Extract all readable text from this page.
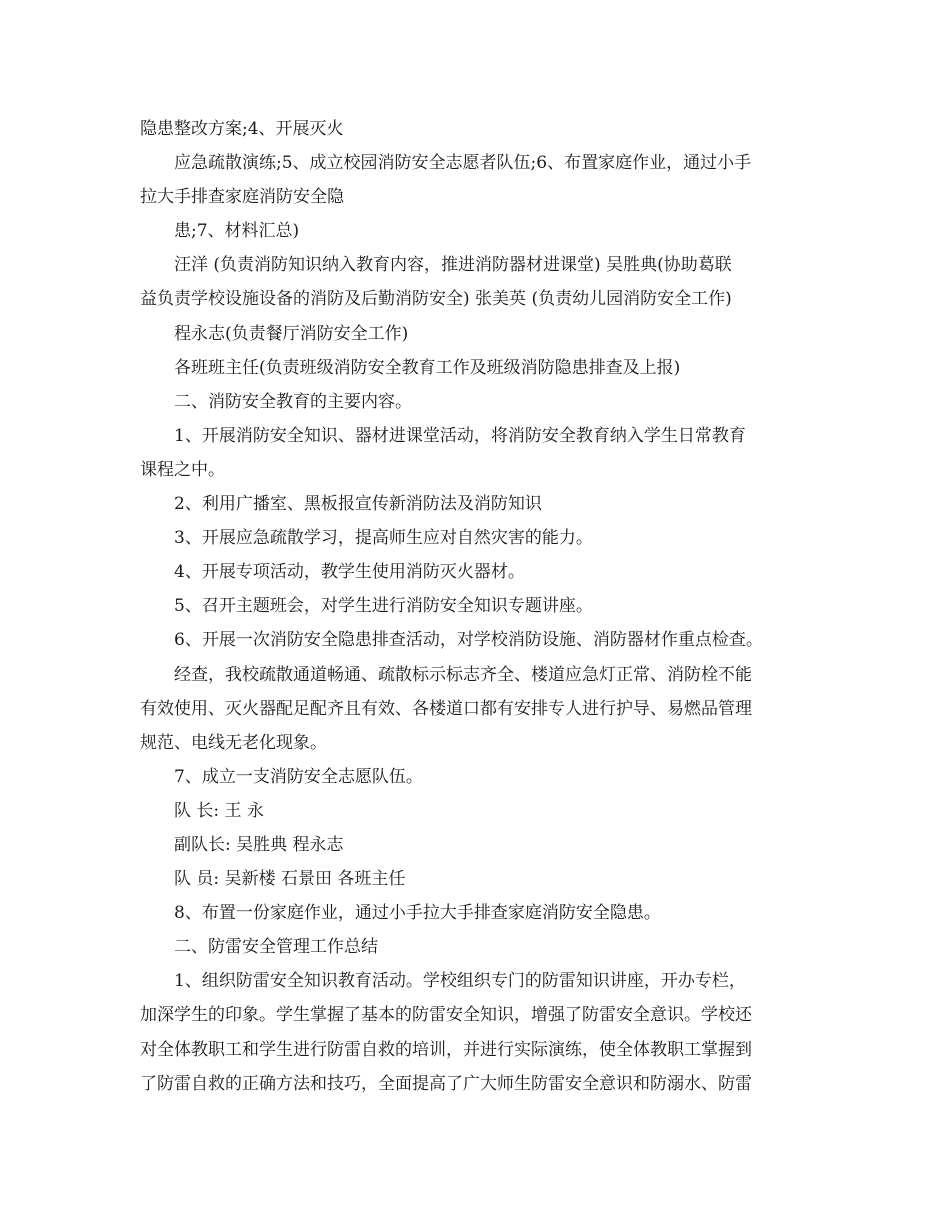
隐患整改方案;4、开展灭火

应急疏散演练;5、成立校园消防安全志愿者队伍;6、布置家庭作业，通过小手

拉大手排查家庭消防安全隐

患;7、材料汇总)

汪洋 (负责消防知识纳入教育内容，推进消防器材进课堂) 吴胜典(协助葛联

益负责学校设施设备的消防及后勤消防安全) 张美英 (负责幼儿园消防安全工作)

程永志(负责餐厅消防安全工作)

各班班主任(负责班级消防安全教育工作及班级消防隐患排查及上报)

二、消防安全教育的主要内容。

1、开展消防安全知识、器材进课堂活动，将消防安全教育纳入学生日常教育

课程之中。

2、利用广播室、黑板报宣传新消防法及消防知识

3、开展应急疏散学习，提高师生应对自然灾害的能力。

4、开展专项活动，教学生使用消防灭火器材。

5、召开主题班会，对学生进行消防安全知识专题讲座。

6、开展一次消防安全隐患排查活动，对学校消防设施、消防器材作重点检查。

经查，我校疏散通道畅通、疏散标示标志齐全、楼道应急灯正常、消防栓不能

有效使用、灭火器配足配齐且有效、各楼道口都有安排专人进行护导、易燃品管理

规范、电线无老化现象。

7、成立一支消防安全志愿队伍。

队 长: 王 永

副队长: 吴胜典 程永志

队 员: 吴新楼 石景田 各班主任

8、布置一份家庭作业，通过小手拉大手排查家庭消防安全隐患。

二、防雷安全管理工作总结

1、组织防雷安全知识教育活动。学校组织专门的防雷知识讲座，开办专栏，

加深学生的印象。学生掌握了基本的防雷安全知识，增强了防雷安全意识。学校还

对全体教职工和学生进行防雷自救的培训，并进行实际演练，使全体教职工掌握到

了防雷自救的正确方法和技巧，全面提高了广大师生防雷安全意识和防溺水、防雷
